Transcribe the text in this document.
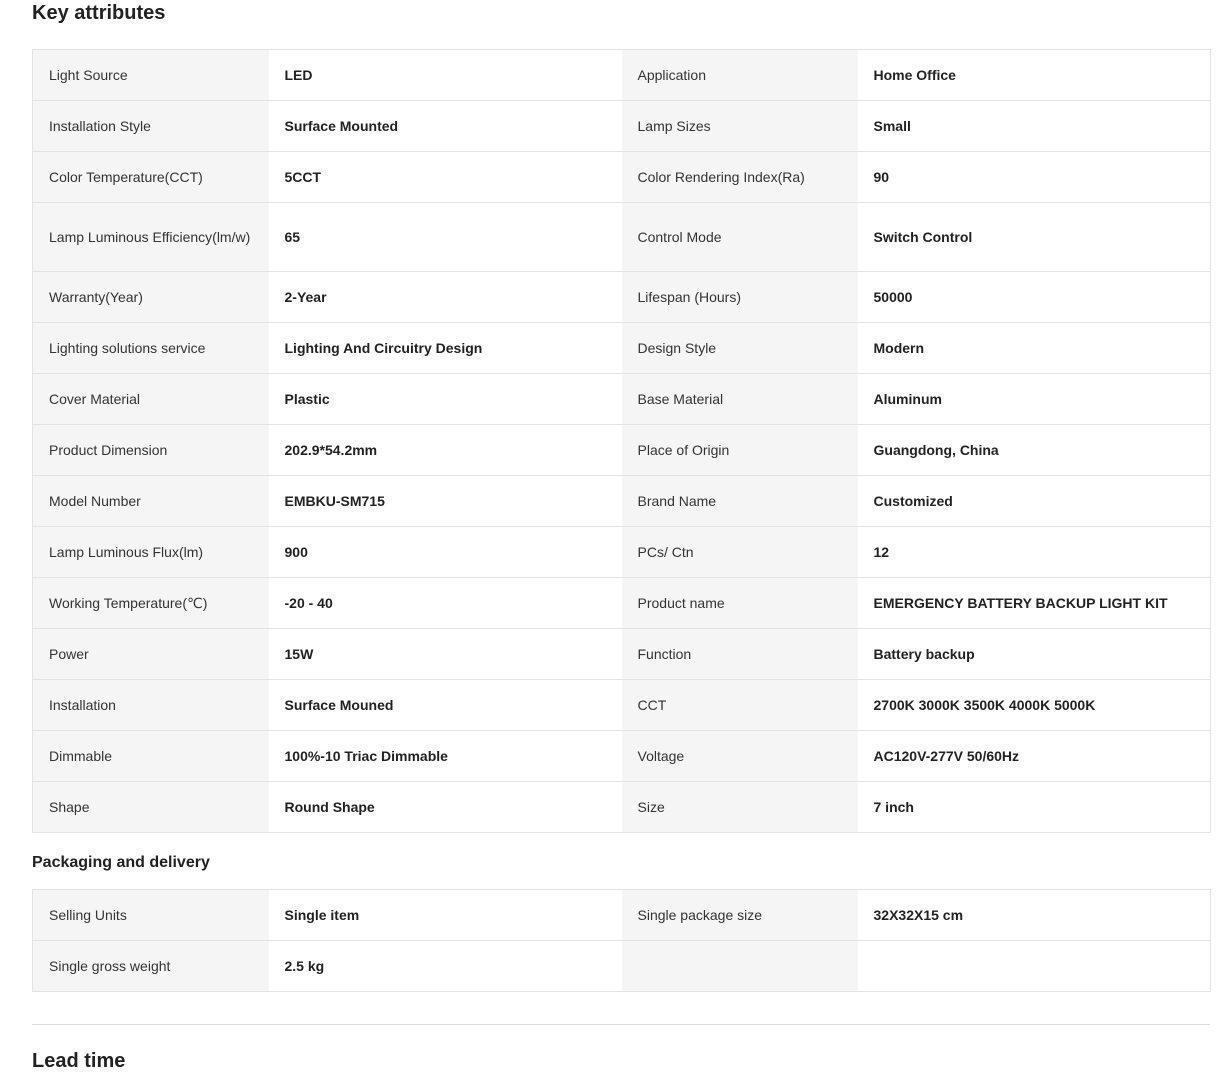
Key attributes
Light Source	LED	Application	Home Office
Installation Style	Surface Mounted	Lamp Sizes	Small
Color Temperature(CCT)	5CCT	Color Rendering Index(Ra)	90
Lamp Luminous Efficiency(lm/w)	65	Control Mode	Switch Control
Warranty(Year)	2-Year	Lifespan (Hours)	50000
Lighting solutions service	Lighting And Circuitry Design	Design Style	Modern
Cover Material	Plastic	Base Material	Aluminum
Product Dimension	202.9*54.2mm	Place of Origin	Guangdong, China
Model Number	EMBKU-SM715	Brand Name	Customized
Lamp Luminous Flux(lm)	900	PCs/ Ctn	12
Working Temperature(℃)	-20 - 40	Product name	EMERGENCY BATTERY BACKUP LIGHT KIT
Power	15W	Function	Battery backup
Installation	Surface Mouned	CCT	2700K 3000K 3500K 4000K 5000K
Dimmable	100%-10 Triac Dimmable	Voltage	AC120V-277V 50/60Hz
Shape	Round Shape	Size	7 inch
Packaging and delivery
Selling Units	Single item	Single package size	32X32X15 cm
Single gross weight	2.5 kg		
Lead time
